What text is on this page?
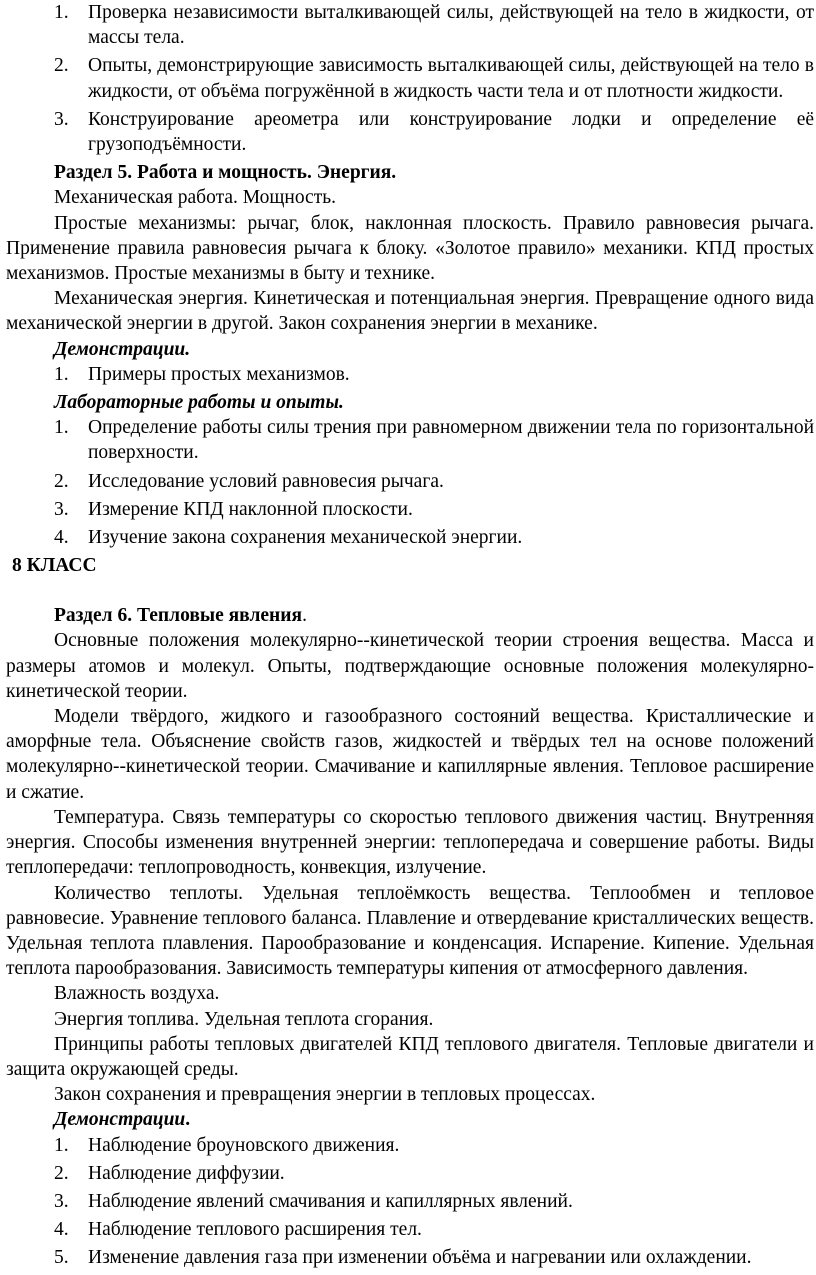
1. Проверка независимости выталкивающей силы, действующей на тело в жидкости, от массы тела.
2. Опыты, демонстрирующие зависимость выталкивающей силы, действующей на тело в жидкости, от объёма погружённой в жидкость части тела и от плотности жидкости.
3. Конструирование ареометра или конструирование лодки и определение её грузоподъёмности.

Раздел 5. Работа и мощность. Энергия.

Механическая работа. Мощность.

Простые механизмы: рычаг, блок, наклонная плоскость. Правило равновесия рычага. Применение правила равновесия рычага к блоку. «Золотое правило» механики. КПД простых механизмов. Простые механизмы в быту и технике.

Механическая энергия. Кинетическая и потенциальная энергия. Превращение одного вида механической энергии в другой. Закон сохранения энергии в механике.

Демонстрации.

1. Примеры простых механизмов.

Лабораторные работы и опыты.

1. Определение работы силы трения при равномерном движении тела по горизонтальной поверхности.
2. Исследование условий равновесия рычага.
3. Измерение КПД наклонной плоскости.
4. Изучение закона сохранения механической энергии.

8 КЛАСС

Раздел 6. Тепловые явления.

Основные положения молекулярно--кинетической теории строения вещества. Масса и размеры атомов и молекул. Опыты, подтверждающие основные положения молекулярно-кинетической теории.

Модели твёрдого, жидкого и газообразного состояний вещества. Кристаллические и аморфные тела. Объяснение свойств газов, жидкостей и твёрдых тел на основе положений молекулярно--кинетической теории. Смачивание и капиллярные явления. Тепловое расширение и сжатие.

Температура. Связь температуры со скоростью теплового движения частиц. Внутренняя энергия. Способы изменения внутренней энергии: теплопередача и совершение работы. Виды теплопередачи: теплопроводность, конвекция, излучение.

Количество теплоты. Удельная теплоёмкость вещества. Теплообмен и тепловое равновесие. Уравнение теплового баланса. Плавление и отвердевание кристаллических веществ. Удельная теплота плавления. Парообразование и конденсация. Испарение. Кипение. Удельная теплота парообразования. Зависимость температуры кипения от атмосферного давления.

Влажность воздуха.

Энергия топлива. Удельная теплота сгорания.

Принципы работы тепловых двигателей КПД теплового двигателя. Тепловые двигатели и защита окружающей среды.

Закон сохранения и превращения энергии в тепловых процессах.

Демонстрации.

1. Наблюдение броуновского движения.
2. Наблюдение диффузии.
3. Наблюдение явлений смачивания и капиллярных явлений.
4. Наблюдение теплового расширения тел.
5. Изменение давления газа при изменении объёма и нагревании или охлаждении.
